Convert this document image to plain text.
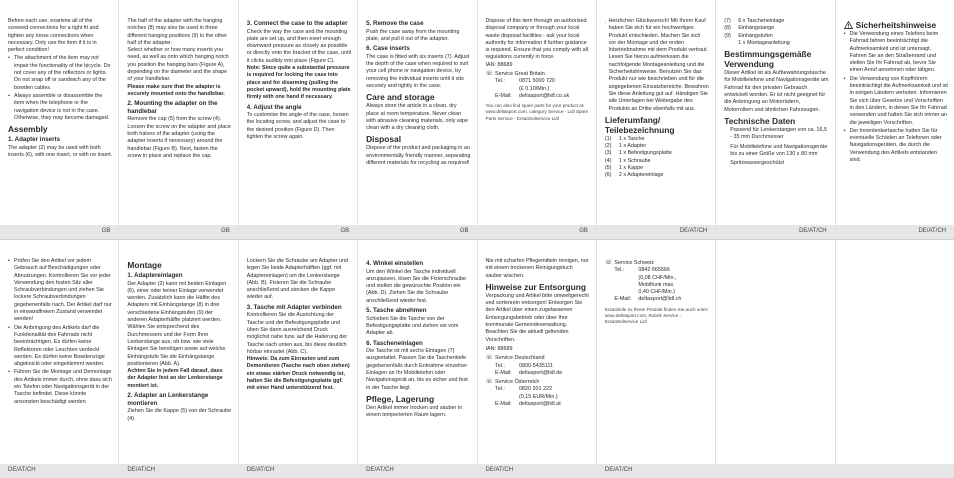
Before each use, examine all of the screwed connections for a tight fit and tighten any loose connections when necessary. Only use the item if it is in perfect condition!

• The attachment of the item may not impair the functionality of the bicycle. Do not cover any of the reflectors or lights. Do not snap off or sandwich any of the bowden cables.
• Always assemble or disassemble the item when the telephone or the navigation device is not in the case. Otherwise, they may become damaged.
Assembly
1. Adapter inserts

The adapter (2) may be used with both inserts (6), with one insert, or with no insert.

GB

The half of the adapter with the hanging notches (8) may also be used in three different hanging positions (9) to the other half of the adapter.

Select whether or how many inserts you need, as well as onto which hanging notch you position the hanging bars (Figure A), depending on the diameter and the shape of your handlebar.

Please make sure that the adapter is securely mounted onto the handlebar.

2. Mounting the adapter on the handlebar

Remove the cap (5) from the screw (4). Loosen the screw on the adapter and place both halves of the adapter (using the adapter inserts if necessary) around the handlebar (Figure B). Next, fasten the screw in place and replace the cap.

GB
3. Connect the case to the adapter

Check the way the case and the mounting plate are set up, and then exert enough downward pressure as closely as possible or directly onto the bracket of the case, until it clicks audibly into place (Figure C).

Note: Since quite a substantial pressure is required for locking the case into place and for disarming (pulling the pocket upward), hold the mounting plate firmly with one hand if necessary.

4. Adjust the angle

To customise the angle of the case, loosen the locating screw, and adjust the case to the desired position (Figure D). Then tighten the screw again.

GB
5. Remove the case

Push the case away from the mounting plate, and pull it out of the adapter.

6. Case inserts

The case is fitted with six inserts (7). Adjust the depth of the case when required to suit your cell phone or navigation device, by removing the individual inserts until it sits securely and tightly in the case.

Care and storage

Always store the article in a clean, dry place at room temperature. Never clean with abrasive cleaning materials, only wipe clean with a dry cleaning cloth.

Disposal

Dispose of the product and packaging in an environmentally friendly manner, separating different materials for recycling as required!

GB

Dispose of this item through an authorised disposal company or through your local waste disposal facilities - ask your local authority for information if further guidance is required. Ensure that you comply with all regulations currently in force.

IAN: 88689

☏ Service Great Britain
Tel.:	0871 5000 720
(£ 0.10/Min.)
E-Mail:	deltasport@lidl.co.uk

You can also find spare parts for your product at: www.deltasport.com, category Service - Lidl Spare Parts Service - Ersatzteilservice Lidl

GB

Herzlichen Glückwunsch! Mit Ihrem Kauf haben Sie sich für ein hochwertiges Produkt entschieden. Machen Sie sich vor der Montage und der ersten Inbetriebnahme mit dem Produkt vertraut. Lesen Sie hierzu aufmerksam die nachfolgende Montageanleitung und die Sicherheitshinweise. Benutzen Sie das Produkt nur wie beschrieben und für die angegebenen Einsatzbereiche. Bewahren Sie diese Anleitung gut auf. Händigen Sie alle Unterlagen bei Weitergabe des Produkts an Dritte ebenfalls mit aus.

Lieferumfang/ Teilebezeichnung
(1)	1 x Tasche
(2)	1 x Adapter
(3)	1 x Befestigungsplatte
(4)	1 x Schraube
(5)	1 x Kappe
(6)	2 x Adaptereinlage
DE/AT/CH
(7)	6 x Tascheneinlage
(8)	Einhängstange
(9)	Einhängstufen
1 x Montageanleitung
Bestimmungsgemäße Verwendung

Dieser Artikel ist als Aufbewahrungstasche für Mobiltelefone und Navigationsgeräte am Fahrrad für den privaten Gebrauch entwickelt worden. Er ist nicht geeignet für die Anbringung an Motorrädern, Motorrollern und ähnlichen Fahrzeugen.

Technische Daten

Passend für Lenkerstangen von ca. 16,5 - 35 mm Durchmesser

Für Mobiltelefone und Navigationsgeräte bis zu einer Größe von 130 x 80 mm

Spritzwassergeschützt

DE/AT/CH
Sicherheitshinweise
• Die Verwendung eines Telefons beim Fahrrad fahren beeinträchtigt die Aufmerksamkeit und ist untersagt. Fahren Sie an den Straßenrand und stellen Sie Ihr Fahrrad ab, bevor Sie einen Anruf annehmen oder tätigen.
• Die Verwendung von Kopfhörern beeinträchtigt die Aufmerksamkeit und ist in einigen Ländern verboten. Informieren Sie sich über Gesetze und Vorschriften in den Ländern, in denen Sie Ihr Fahrrad verwenden und halten Sie sich immer an die jeweiligen Vorschriften.
• Der Innenlenkertasche hatten Sie für eventuelle Schäden an Telefonen oder Navigationsgeräten, die durch die Verwendung des Artikels entstanden sind.
DE/AT/CH
• Prüfen Sie den Artikel vor jedem Gebrauch auf Beschädigungen oder Abnutzungen. Kontrollieren Sie vor jeder Verwendung den festen Sitz aller Schraubverbindungen und ziehen Sie lockere Schraubverbindungen gegebenenfalls nach. Der Artikel darf nur in einwandfreiem Zustand verwendet werden!
• Die Anbringung des Artikels darf die Funktionalität des Fahrrads nicht beeinträchtigen. Es dürfen keine Reflektoren oder Leuchten verdeckt werden. Es dürfen keine Bowdenzüge abgeknickt oder eingeklemmt werden.
• Führen Sie die Montage und Demontage des Artikels immer durch, ohne dass sich ein Telefon oder Navigationsgerät in der Tasche befindet. Diese könnte ansonsten beschädigt werden.
DE/AT/CH
Montage
1. Adaptereinlagen

Der Adapter (2) kann mit beiden Einlagen (6), einer oder keiner Einlage verwendet werden. Zusätzlich kann die Hälfte des Adapters mit Einhängstange (8) in drei verschiedene Einhängstufen (9) der anderen Adapterhälfte platziert werden. Wählen Sie entsprechend des Durchmessers und der Form Ihrer Lenkerstange aus, ob bzw. wie viele Einlagen Sie benötigen sowie auf welche Einhängstufe Sie die Einhängstange positionieren (Abb. A).

Achten Sie in jedem Fall darauf, dass der Adapter fest an der Lenkerstange montiert ist.

2. Adapter an Lenkerstange montieren

Ziehen Sie die Kappe (5) von der Schraube (4).

DE/AT/CH

Lockern Sie die Schraube am Adapter und legen Sie beide Adapterhälften (ggf. mit Adaptereinlagen) um die Lenkerstange (Abb. B). Fixieren Sie die Schraube anschließend und stecken die Kappe wieder auf.

3. Tasche mit Adapter verbinden

Kontrollieren Sie die Ausrichtung der Tasche und der Befestigungsplatte und üben Sie dann ausreichend Druck möglichst nahe bzw. auf die Halterung der Tasche nach unten aus, bis diese deutlich hörbar einrastet (Abb. C).

Hinweis: Da zum Einrasten und zum Demontieren (Tasche nach oben ziehen) ein etwas stärker Druck notwendig ist, halten Sie die Befestigungsplatte ggf. mit einer Hand unterstützend fest.

DE/AT/CH
4. Winkel einstellen

Um den Winkel der Tasche individuell anzupassen, lösen Sie die Fixierschraube und stellen die gewünschte Position ein (Abb. D). Ziehen Sie die Schraube anschließend wieder fest.

5. Tasche abnehmen

Schieben Sie die Tasche von der Befestigungsplatte und ziehen sie vom Adapter ab.

6. Tascheneinlagen

Die Tasche ist mit sechs Einlagen (7) ausgestattet. Passen Sie die Taschentiefe gegebenenfalls durch Entnahme einzelner Einlagen an Ihr Mobiltelefon oder Navigationsgerät an, bis es sicher und fest in der Tasche liegt.

Pflege, Lagerung

Den Artikel immer trocken und sauber in einem temperierten Raum lagern.

DE/AT/CH

Nie mit scharfen Pflegemitteln reinigen, nur mit einem trockenen Reinigungstuch sauber wischen.

Hinweise zur Entsorgung

Verpackung und Artikel bitte umweltgerecht und sortenrein entsorgen! Entsorgen Sie den Artikel über einen zugelassenen Entsorgungsbetrieb oder über Ihre kommunale Gemeindeverwaltung. Beachten Sie die aktuell geltenden Vorschriften.

IAN: 88689

☏ Service Deutschland
Tel.:	0800-5435111
E-Mail:	deltasport@lidl.de
☏ Service Österreich
Tel.:	0820 201 222
(0,15 EUR/Min.)
E-Mail:	deltasport@lidl.at
DE/AT/CH
☏ Service Schweiz
Tel.:	0842 665566
(0,08 CHF/Min.,
Mobilfunk max.
0,40 CHF/Min.)
E-Mail:	deltasport@lidl.ch

Ersatzteile zu Ihrem Produkt finden Sie auch unter: www.deltasport.com, Rubrik Service - Ersatzteilservice Lidl

DE/AT/CH
